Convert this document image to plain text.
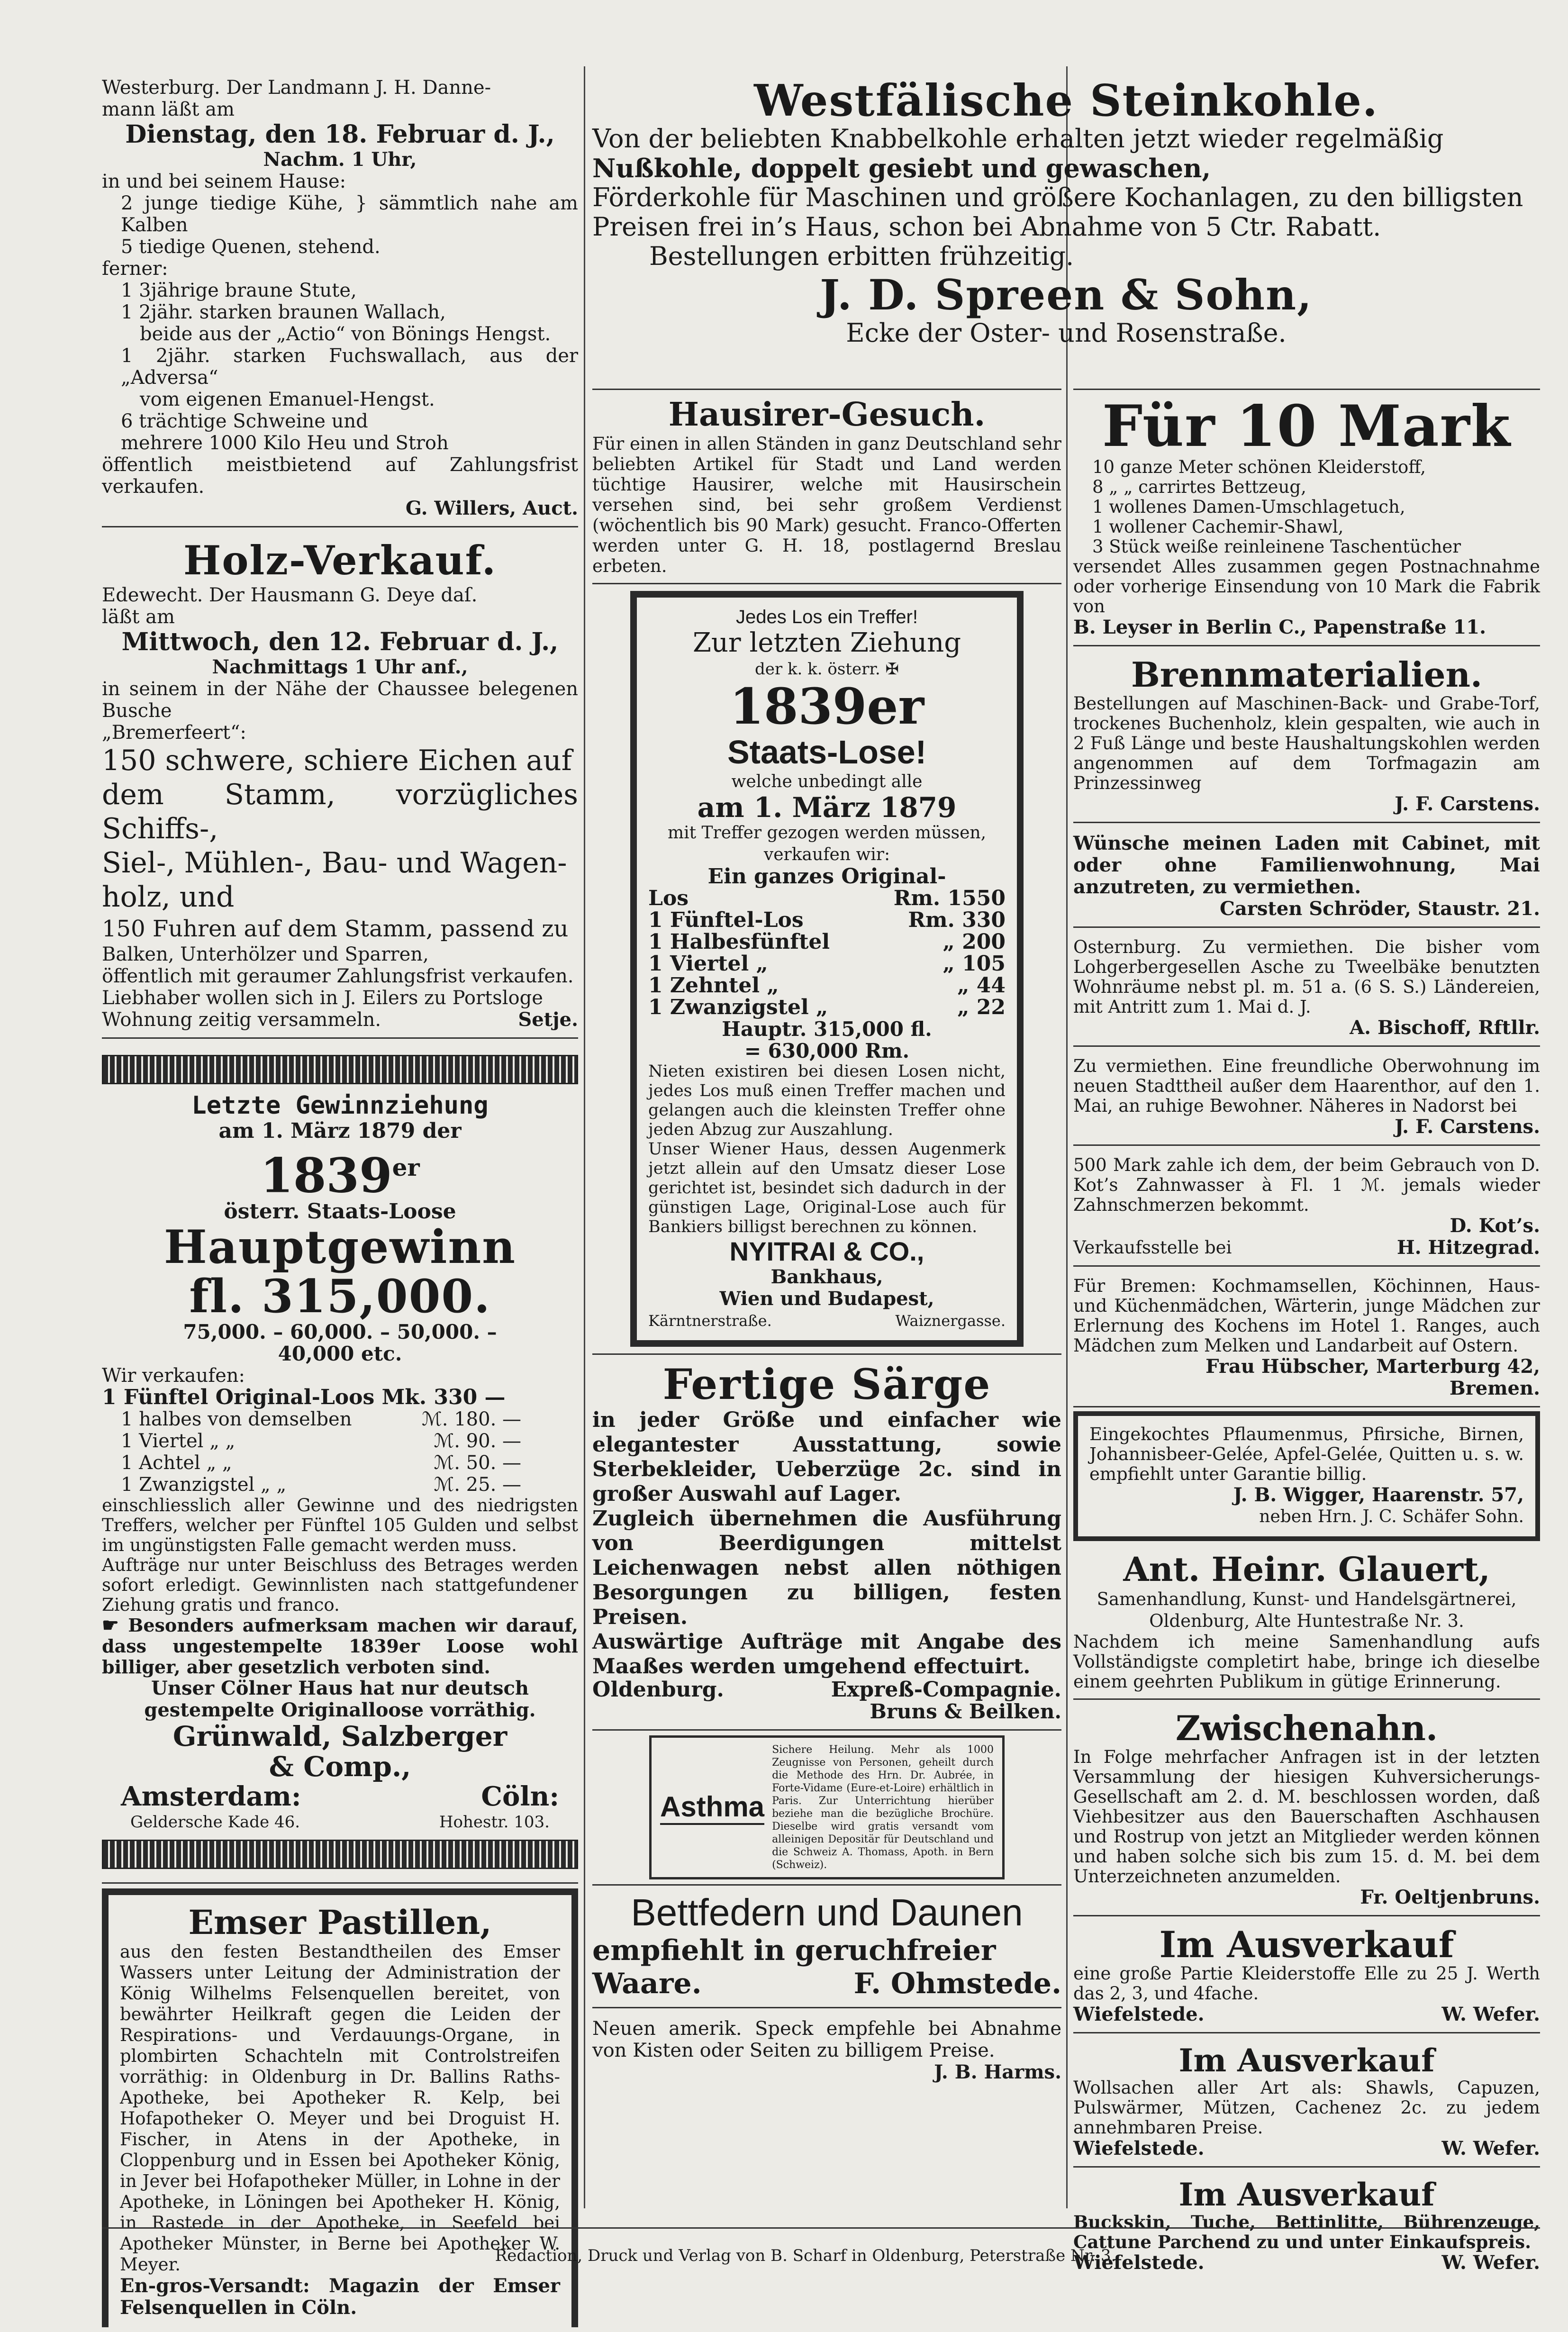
Westerburg. Der Landmann J. H. Danne-

mann läßt am

Dienstag, den 18. Februar d. J.,

Nachm. 1 Uhr,

in und bei seinem Hause:

2 junge tiedige Kühe, } sämmtlich nahe am Kalben

5 tiedige Quenen, stehend.

ferner:

1 3jährige braune Stute,

1 2jähr. starken braunen Wallach,

beide aus der „Actio“ von Bönings Hengst.

1 2jähr. starken Fuchswallach, aus der „Adversa“

vom eigenen Emanuel-Hengst.

6 trächtige Schweine und

mehrere 1000 Kilo Heu und Stroh

öffentlich meistbietend auf Zahlungsfrist verkaufen.

G. Willers, Auct.

Holz-Verkauf.

Edewecht. Der Hausmann G. Deye daſ.

läßt am

Mittwoch, den 12. Februar d. J.,

Nachmittags 1 Uhr anf.,

in seinem in der Nähe der Chaussee belegenen Busche

„Bremerfeert“:

150 schwere, schiere Eichen auf

dem Stamm, vorzügliches Schiffs-,

Siel-, Mühlen-, Bau- und Wagen-

holz, und

150 Fuhren auf dem Stamm, passend zu

Balken, Unterhölzer und Sparren,

öffentlich mit geraumer Zahlungsfrist verkaufen.

Liebhaber wollen sich in J. Eilers zu Portsloge

Wohnung zeitig versammeln.	Setje.

Letzte Gewinnziehung

am 1. März 1879 der

1839er

österr. Staats-Loose

Hauptgewinn

fl. 315,000.

75,000. – 60,000. – 50,000. –

40,000 etc.

Wir verkaufen:

1 Fünftel Original-Loos Mk. 330 —

1 halbes von demselben	ℳ. 180. —
1 Viertel „ „	ℳ. 90. —
1 Achtel „ „	ℳ. 50. —
1 Zwanzigstel „ „	ℳ. 25. —

einschliesslich aller Gewinne und des niedrigsten Treffers, welcher per Fünftel 105 Gulden und selbst im ungünstigsten Falle gemacht werden muss.

Aufträge nur unter Beischluss des Betrages werden sofort erledigt. Gewinnlisten nach stattgefundener Ziehung gratis und franco.

☛ Besonders aufmerksam machen wir darauf, dass ungestempelte 1839er Loose wohl billiger, aber gesetzlich verboten sind.

Unser Cölner Haus hat nur deutsch gestempelte Originalloose vorräthig.

Grünwald, Salzberger

& Comp.,

Amsterdam:	Cöln:
Geldersche Kade 46.	Hohestr. 103.

Emser Pastillen,

aus den festen Bestandtheilen des Emser Wassers unter Leitung der Administration der König Wilhelms Felsenquellen bereitet, von bewährter Heilkraft gegen die Leiden der Respirations- und Verdauungs-Organe, in plombirten Schachteln mit Controlstreifen vorräthig: in Oldenburg in Dr. Ballins Raths-Apotheke, bei Apotheker R. Kelp, bei Hofapotheker O. Meyer und bei Droguist H. Fischer, in Atens in der Apotheke, in Cloppenburg und in Essen bei Apotheker König, in Jever bei Hofapotheker Müller, in Lohne in der Apotheke, in Löningen bei Apotheker H. König, in Rastede in der Apotheke, in Seefeld bei Apotheker Münster, in Berne bei Apotheker W. Meyer.

En-gros-Versandt: Magazin der Emser Felsenquellen in Cöln.

Westfälische Steinkohle.

Von der beliebten Knabbelkohle erhalten jetzt wieder regelmäßig

Nußkohle, doppelt gesiebt und gewaschen,

Förderkohle für Maschinen und größere Kochanlagen, zu den billigsten

Preisen frei in’s Haus, schon bei Abnahme von 5 Ctr. Rabatt.

Bestellungen erbitten frühzeitig.

J. D. Spreen & Sohn,

Ecke der Oster- und Rosenstraße.

Hausirer-Gesuch.

Für einen in allen Ständen in ganz Deutschland sehr beliebten Artikel für Stadt und Land werden tüchtige Hausirer, welche mit Hausirschein versehen sind, bei sehr großem Verdienst (wöchentlich bis 90 Mark) gesucht. Franco-Offerten werden unter G. H. 18, postlagernd Breslau erbeten.

Jedes Los ein Treffer!

Zur letzten Ziehung

der k. k. österr. ✠

1839er

Staats-Lose!

welche unbedingt alle

am 1. März 1879

mit Treffer gezogen werden müssen,

verkaufen wir:

Ein ganzes Original-

Los	Rm. 1550
1 Fünftel-Los	Rm. 330
1 Halbesfünftel	„ 200
1 Viertel „	„ 105
1 Zehntel „	„ 44
1 Zwanzigstel „	„ 22

Hauptr. 315,000 fl.

= 630,000 Rm.

Nieten existiren bei diesen Losen nicht, jedes Los muß einen Treffer machen und gelangen auch die kleinsten Treffer ohne jeden Abzug zur Auszahlung.

Unser Wiener Haus, dessen Augenmerk jetzt allein auf den Umsatz dieser Lose gerichtet ist, besindet sich dadurch in der günstigen Lage, Original-Lose auch für Bankiers billigst berechnen zu können.

NYITRAI & CO.,

Bankhaus,

Wien und Budapest,

Kärntnerstraße.	Waiznergasse.

Fertige Särge

in jeder Größe und einfacher wie elegantester Ausstattung, sowie Sterbekleider, Ueberzüge 2c. sind in großer Auswahl auf Lager.

Zugleich übernehmen die Ausführung von Beerdigungen mittelst Leichenwagen nebst allen nöthigen Besorgungen zu billigen, festen Preisen.

Auswärtige Aufträge mit Angabe des Maaßes werden umgehend effectuirt.

Oldenburg.	Expreß-Compagnie.

Bruns & Beilken.

Asthma

Sichere Heilung. Mehr als 1000 Zeugnisse von Personen, geheilt durch die Methode des Hrn. Dr. Aubrée, in Forte-Vidame (Eure-et-Loire) erhältlich in Paris. Zur Unterrichtung hierüber beziehe man die bezügliche Brochüre. Dieselbe wird gratis versandt vom alleinigen Depositär für Deutschland und die Schweiz A. Thomass, Apoth. in Bern (Schweiz).

Bettfedern und Daunen

empfiehlt in geruchfreier

Waare.	F. Ohmstede.

Neuen amerik. Speck empfehle bei Abnahme von Kisten oder Seiten zu billigem Preise.

J. B. Harms.

Für 10 Mark

10 ganze Meter schönen Kleiderstoff,

8 „ „ carrirtes Bettzeug,

1 wollenes Damen-Umschlagetuch,

1 wollener Cachemir-Shawl,

3 Stück weiße reinleinene Taschentücher

versendet Alles zusammen gegen Postnachnahme oder vorherige Einsendung von 10 Mark die Fabrik von

B. Leyser in Berlin C., Papenstraße 11.

Brennmaterialien.

Bestellungen auf Maschinen-Back- und Grabe-Torf, trockenes Buchenholz, klein gespalten, wie auch in 2 Fuß Länge und beste Haushaltungskohlen werden angenommen auf dem Torfmagazin am Prinzessinweg

J. F. Carstens.

Wünsche meinen Laden mit Cabinet, mit oder ohne Familienwohnung, Mai anzutreten, zu vermiethen.

Carsten Schröder, Staustr. 21.

Osternburg. Zu vermiethen. Die bisher vom Lohgerbergesellen Asche zu Tweelbäke benutzten Wohnräume nebst pl. m. 51 a. (6 S. S.) Ländereien, mit Antritt zum 1. Mai d. J.

A. Bischoff, Rftllr.

Zu vermiethen. Eine freundliche Oberwohnung im neuen Stadttheil außer dem Haarenthor, auf den 1. Mai, an ruhige Bewohner. Näheres in Nadorst bei

J. F. Carstens.

500 Mark zahle ich dem, der beim Gebrauch von D. Kot’s Zahnwasser à Fl. 1 ℳ. jemals wieder Zahnschmerzen bekommt.

D. Kot’s.

Verkaufsstelle bei	H. Hitzegrad.

Für Bremen: Kochmamsellen, Köchinnen, Haus- und Küchenmädchen, Wärterin, junge Mädchen zur Erlernung des Kochens im Hotel 1. Ranges, auch Mädchen zum Melken und Landarbeit auf Ostern.

Frau Hübscher, Marterburg 42,

Bremen.

Eingekochtes Pflaumenmus, Pfirsiche, Birnen, Johannisbeer-Gelée, Apfel-Gelée, Quitten u. s. w. empfiehlt unter Garantie billig.

J. B. Wigger, Haarenstr. 57,

neben Hrn. J. C. Schäfer Sohn.

Ant. Heinr. Glauert,

Samenhandlung, Kunst- und Handelsgärtnerei,

Oldenburg, Alte Huntestraße Nr. 3.

Nachdem ich meine Samenhandlung aufs Vollständigste completirt habe, bringe ich dieselbe einem geehrten Publikum in gütige Erinnerung.

Zwischenahn.

In Folge mehrfacher Anfragen ist in der letzten Versammlung der hiesigen Kuhversicherungs-Gesellschaft am 2. d. M. beschlossen worden, daß Viehbesitzer aus den Bauerschaften Aschhausen und Rostrup von jetzt an Mitglieder werden können und haben solche sich bis zum 15. d. M. bei dem Unterzeichneten anzumelden.

Fr. Oeltjenbruns.

Im Ausverkauf

eine große Partie Kleiderstoffe Elle zu 25 J. Werth das 2, 3, und 4fache.

Wiefelstede.	W. Wefer.

Im Ausverkauf

Wollsachen aller Art als: Shawls, Capuzen, Pulswärmer, Mützen, Cachenez 2c. zu jedem annehmbaren Preise.

Wiefelstede.	W. Wefer.

Im Ausverkauf

Buckskin, Tuche, Bettinlitte, Bührenzeuge, Cattune Parchend zu und unter Einkaufspreis.

Wiefelstede.	W. Wefer.

Redaction, Druck und Verlag von B. Scharf in Oldenburg, Peterstraße Nr. 3.
